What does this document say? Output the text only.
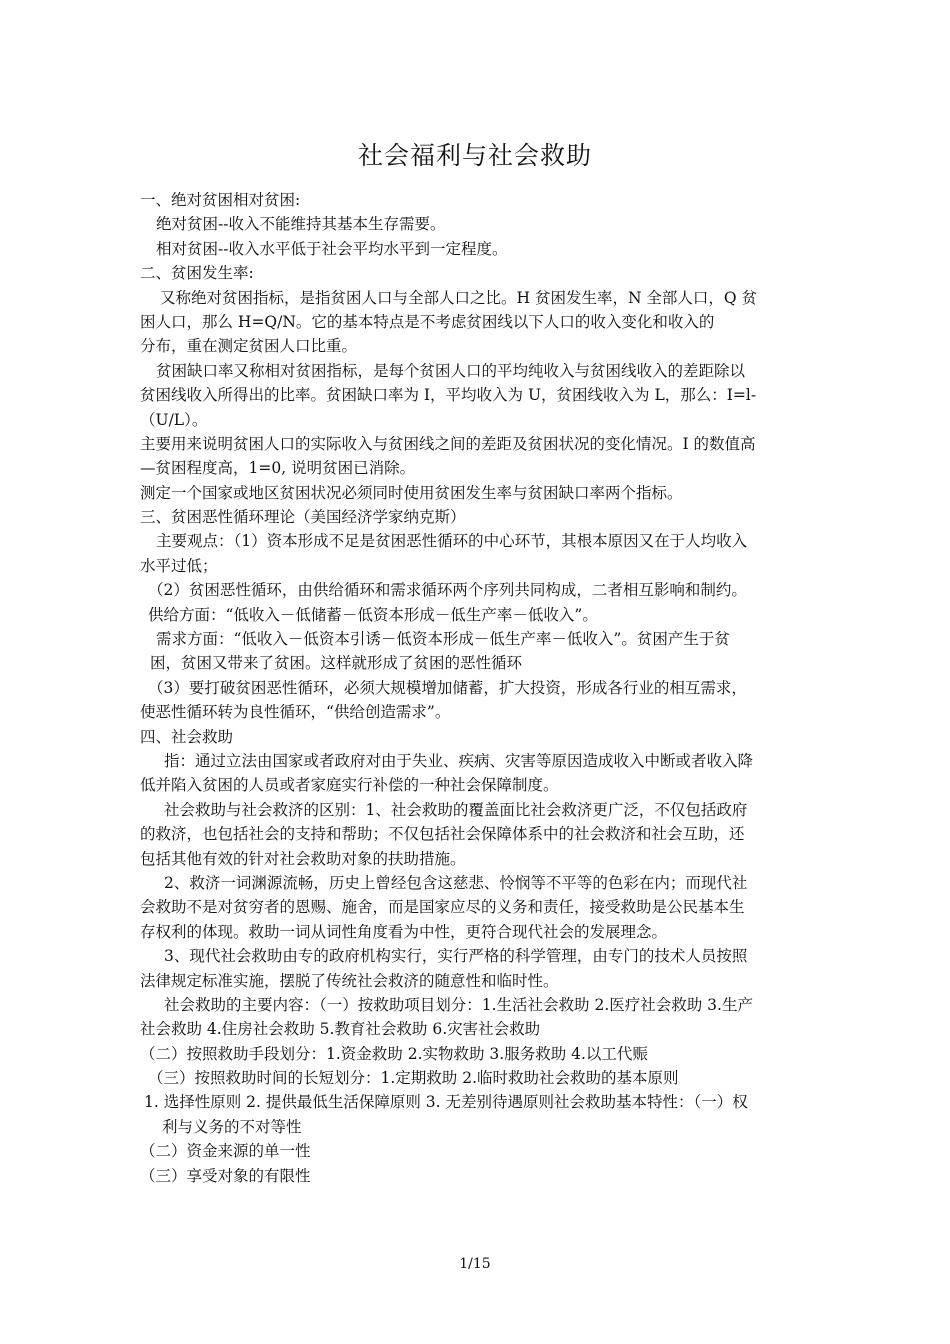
社会福利与社会救助
一、绝对贫困相对贫困:
绝对贫困--收入不能维持其基本生存需要。
相对贫困--收入水平低于社会平均水平到一定程度。
二、贫困发生率:
又称绝对贫困指标，是指贫困人口与全部人口之比。H 贫困发生率，N 全部人口，Q 贫
困人口，那么 H=Q/N。它的基本特点是不考虑贫困线以下人口的收入变化和收入的
分布，重在测定贫困人口比重。
贫困缺口率又称相对贫困指标，是每个贫困人口的平均纯收入与贫困线收入的差距除以
贫困线收入所得出的比率。贫困缺口率为 I，平均收入为 U，贫困线收入为 L，那么：I=l-
（U/L）。
主要用来说明贫困人口的实际收入与贫困线之间的差距及贫困状况的变化情况。I 的数值高
—贫困程度高，1=0, 说明贫困已消除。
测定一个国家或地区贫困状况必须同时使用贫困发生率与贫困缺口率两个指标。
三、贫困恶性循环理论（美国经济学家纳克斯）
主要观点：（1）资本形成不足是贫困恶性循环的中心环节，其根本原因又在于人均收入
水平过低；
（2）贫困恶性循环，由供给循环和需求循环两个序列共同构成，二者相互影响和制约。
供给方面：“低收入－低储蓄－低资本形成－低生产率－低收入”。
需求方面：“低收入－低资本引诱－低资本形成－低生产率－低收入”。贫困产生于贫
困，贫困又带来了贫困。这样就形成了贫困的恶性循环
（3）要打破贫困恶性循环，必须大规模增加储蓄，扩大投资，形成各行业的相互需求，
使恶性循环转为良性循环，“供给创造需求”。
四、社会救助
指：通过立法由国家或者政府对由于失业、疾病、灾害等原因造成收入中断或者收入降
低并陷入贫困的人员或者家庭实行补偿的一种社会保障制度。
社会救助与社会救济的区别：1、社会救助的覆盖面比社会救济更广泛，不仅包括政府
的救济，也包括社会的支持和帮助；不仅包括社会保障体系中的社会救济和社会互助，还
包括其他有效的针对社会救助对象的扶助措施。
2、救济一词渊源流畅，历史上曾经包含这慈悲、怜悯等不平等的色彩在内；而现代社
会救助不是对贫穷者的恩赐、施舍，而是国家应尽的义务和责任，接受救助是公民基本生
存权利的体现。救助一词从词性角度看为中性，更符合现代社会的发展理念。
3、现代社会救助由专的政府机构实行，实行严格的科学管理，由专门的技术人员按照
法律规定标准实施，摆脱了传统社会救济的随意性和临时性。
社会救助的主要内容：（一）按救助项目划分：1.生活社会救助 2.医疗社会救助 3.生产
社会救助 4.住房社会救助 5.教育社会救助 6.灾害社会救助
（二）按照救助手段划分：1.资金救助 2.实物救助 3.服务救助 4.以工代赈
（三）按照救助时间的长短划分：1.定期救助 2.临时救助社会救助的基本原则
1. 选择性原则 2. 提供最低生活保障原则 3. 无差别待遇原则社会救助基本特性：（一）权
利与义务的不对等性
（二）资金来源的单一性
（三）享受对象的有限性
1/15
